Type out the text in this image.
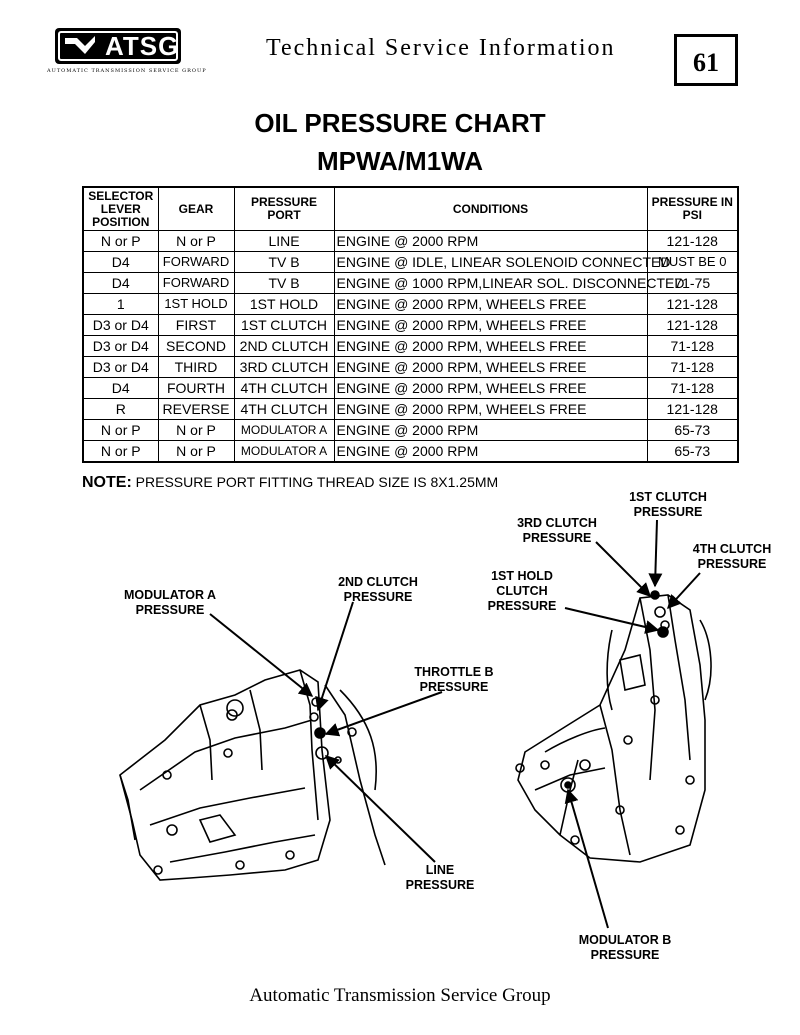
ATSG
AUTOMATIC TRANSMISSION SERVICE GROUP
Technical Service Information	61
OIL PRESSURE CHART
MPWA/M1WA
SELECTOR LEVER POSITION	GEAR	PRESSURE PORT	CONDITIONS	PRESSURE IN PSI
N or P	N or P	LINE	ENGINE @ 2000 RPM	121-128
D4	FORWARD	TV B	ENGINE @ IDLE, LINEAR SOLENOID CONNECTED	MUST BE 0
D4	FORWARD	TV B	ENGINE @ 1000 RPM,LINEAR SOL. DISCONNECTED	71-75
1	1ST HOLD	1ST HOLD	ENGINE @ 2000 RPM, WHEELS FREE	121-128
D3 or D4	FIRST	1ST CLUTCH	ENGINE @ 2000 RPM, WHEELS FREE	121-128
D3 or D4	SECOND	2ND CLUTCH	ENGINE @ 2000 RPM, WHEELS FREE	71-128
D3 or D4	THIRD	3RD CLUTCH	ENGINE @ 2000 RPM, WHEELS FREE	71-128
D4	FOURTH	4TH CLUTCH	ENGINE @ 2000 RPM, WHEELS FREE	71-128
R	REVERSE	4TH CLUTCH	ENGINE @ 2000 RPM, WHEELS FREE	121-128
N or P	N or P	MODULATOR A	ENGINE @ 2000 RPM	65-73
N or P	N or P	MODULATOR A	ENGINE @ 2000 RPM	65-73
NOTE: PRESSURE PORT FITTING THREAD SIZE IS 8X1.25MM
MODULATOR A
PRESSURE
2ND CLUTCH
PRESSURE
THROTTLE B
PRESSURE
LINE
PRESSURE
3RD CLUTCH
PRESSURE
1ST CLUTCH
PRESSURE
4TH CLUTCH
PRESSURE
1ST HOLD
CLUTCH
PRESSURE
MODULATOR B
PRESSURE
Automatic Transmission Service Group
